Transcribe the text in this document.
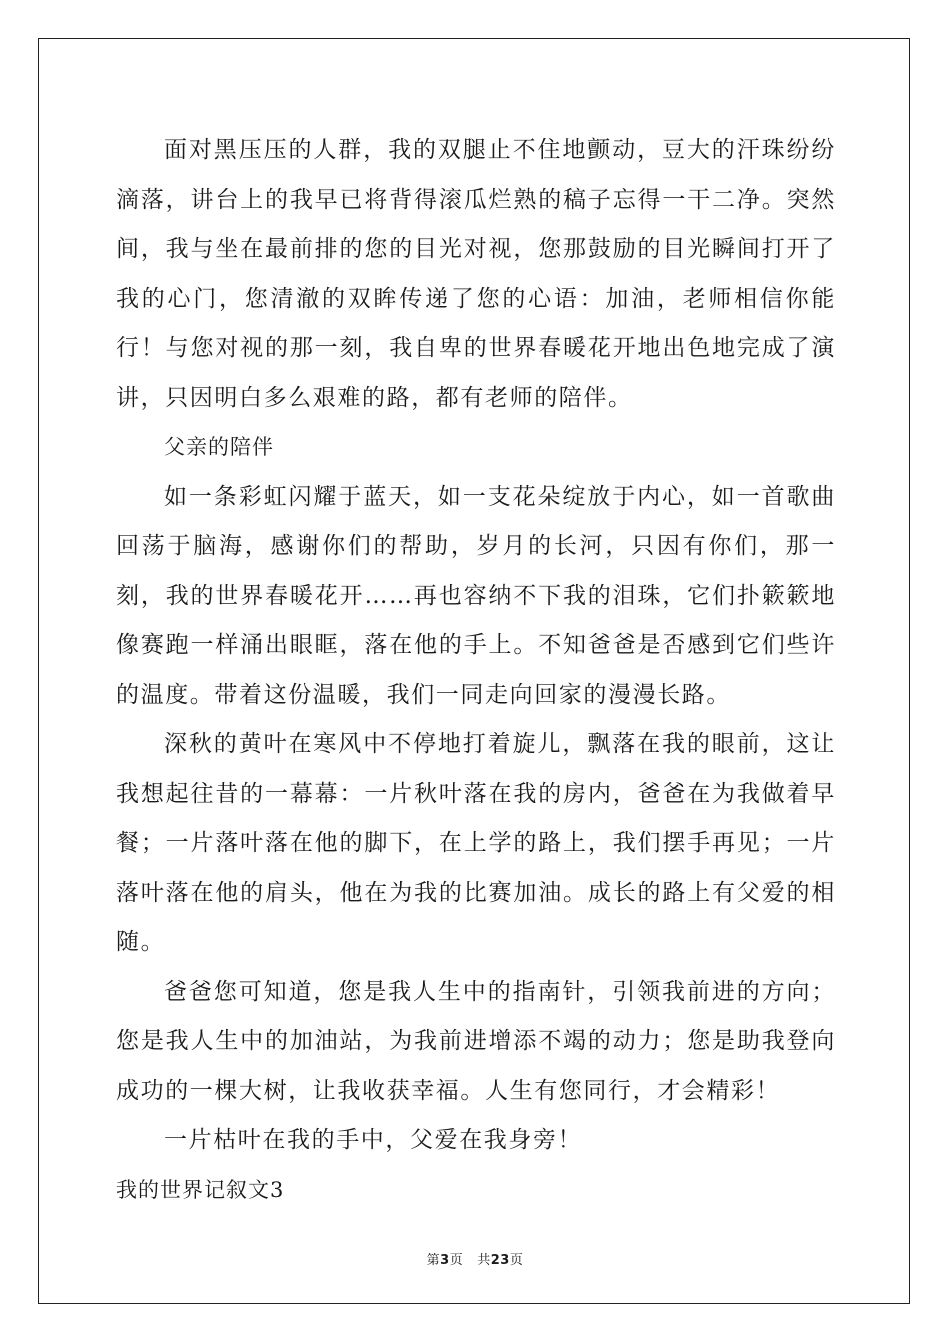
面对黑压压的人群，我的双腿止不住地颤动，豆大的汗珠纷纷滴落，讲台上的我早已将背得滚瓜烂熟的稿子忘得一干二净。突然间，我与坐在最前排的您的目光对视，您那鼓励的目光瞬间打开了我的心门，您清澈的双眸传递了您的心语：加油，老师相信你能行！与您对视的那一刻，我自卑的世界春暖花开地出色地完成了演讲，只因明白多么艰难的路，都有老师的陪伴。

父亲的陪伴

如一条彩虹闪耀于蓝天，如一支花朵绽放于内心，如一首歌曲回荡于脑海，感谢你们的帮助，岁月的长河，只因有你们，那一刻，我的世界春暖花开……再也容纳不下我的泪珠，它们扑簌簌地像赛跑一样涌出眼眶，落在他的手上。不知爸爸是否感到它们些许的温度。带着这份温暖，我们一同走向回家的漫漫长路。

深秋的黄叶在寒风中不停地打着旋儿，飘落在我的眼前，这让我想起往昔的一幕幕：一片秋叶落在我的房内，爸爸在为我做着早餐；一片落叶落在他的脚下，在上学的路上，我们摆手再见；一片落叶落在他的肩头，他在为我的比赛加油。成长的路上有父爱的相随。

爸爸您可知道，您是我人生中的指南针，引领我前进的方向；您是我人生中的加油站，为我前进增添不竭的动力；您是助我登向成功的一棵大树，让我收获幸福。人生有您同行，才会精彩！

一片枯叶在我的手中，父爱在我身旁！

我的世界记叙文3

第3页 共23页
